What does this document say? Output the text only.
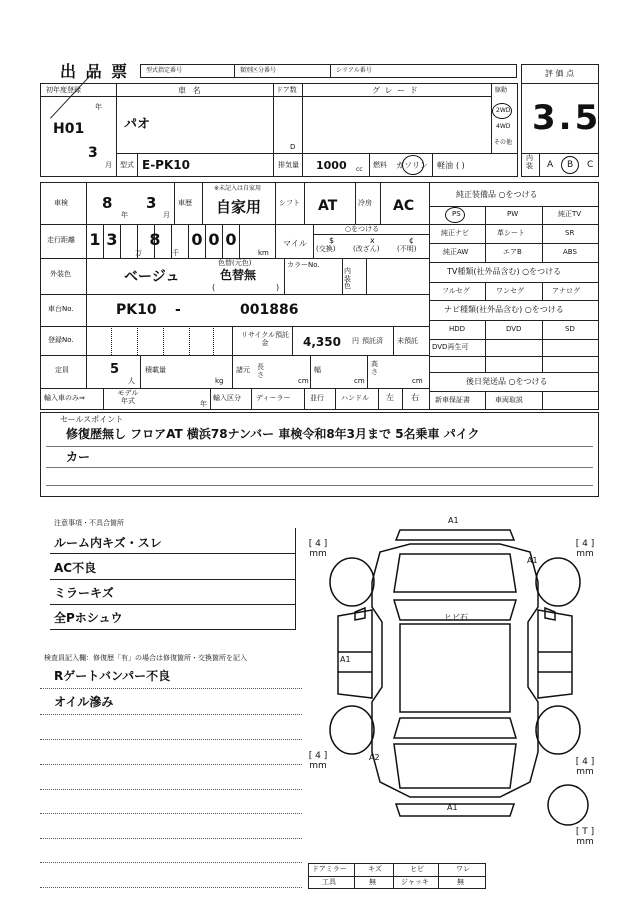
出 品 票	型式指定番号	類別区分番号	シリアル番号	評 価 点
3.5
内装 A B C
初年度登録
年
月
H01
3
車 名
パオ
ドア数
D
グ レ ー ド	駆動
2WD
4WD
その他
型式 E-PK10	排気量 1000 cc
燃料 ガソリン 軽油 ( )
車検 8
年
3
月
車歴
※未記入は自家用
自家用	シフト AT	冷房 AC
走行距離 1 3
万
8
千
0 0 0
km
マイル
○をつける
$
(交換)
x
(改ざん)
¢
(不明)
外装色	ベージュ
色替(元色)
色替無
(	)
カラーNo.
内装色
車台No.	PK10 -	001886
登録No.
リサイクル預託金	4,350 円 預託済 未預託
定員	5
人
積載量
kg
諸元 長さ
cm
幅
cm
高さ
cm
輸入車のみ⇒
モデル年式	年
輸入区分 ディーラー	並行 ハンドル 左 右
純正装備品 ○をつける
PS	PW	純正TV
純正ナビ	革シート	SR
純正AW	エアB	ABS
TV種類(社外品含む) ○をつける
フルセグ	ワンセグ	アナログ
ナビ種類(社外品含む) ○をつける
HDD	DVD	SD
DVD再生可
後日発送品 ○をつける
新車保証書	車両取説
セールスポイント
修復歴無し フロアAT 横浜78ナンバー 車検令和8年3月まで 5名乗車 パイク
カー
注意事項・不具合箇所
ルーム内キズ・スレ
AC不良
ミラーキズ
全Pホシュウ
検査員記入欄：修復歴「有」の場合は修復箇所・交換箇所を記入
Rゲートバンパー不良
オイル滲み
A1
A1
ヒビ石
A1
A2
A1
[ 4 ]
mm
[ 4 ]
mm
[ 4 ]
mm	[ 4 ]
mm
[ T ]
mm
ドアミラー	キズ	ヒビ	ワレ
工具	無	ジャッキ	無
